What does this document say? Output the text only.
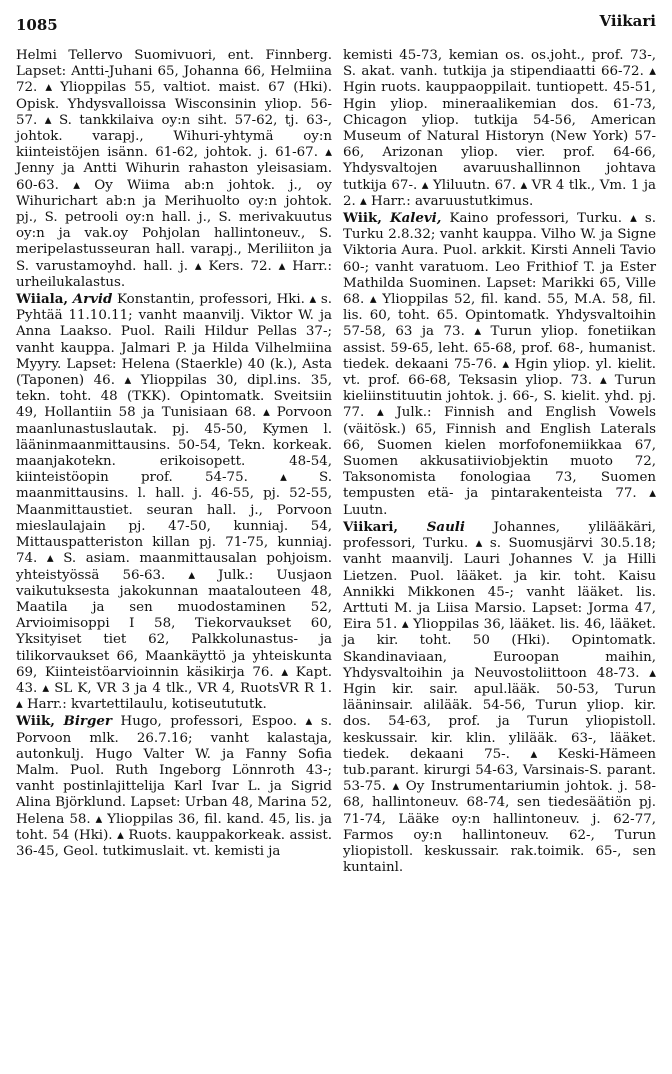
1085	Viikari

Helmi Tellervo Suomivuori, ent. Finnberg. Lapset: Antti-Juhani 65, Johanna 66, Helmiina 72. ▴ Ylioppilas 55, valtiot. maist. 67 (Hki). Opisk. Yhdysvalloissa Wisconsinin yliop. 56-57. ▴ S. tankkilaiva oy:n siht. 57-62, tj. 63-, johtok. varapj., Wihuri-yhtymä oy:n kiinteistöjen isänn. 61-62, johtok. j. 61-67. ▴ Jenny ja Antti Wihurin rahaston yleisasiam. 60-63. ▴ Oy Wiima ab:n johtok. j., oy Wihurichart ab:n ja Merihuolto oy:n johtok. pj., S. petrooli oy:n hall. j., S. merivakuutus oy:n ja vak.oy Pohjolan hallintoneuv., S. meripelastusseuran hall. varapj., Meriliiton ja S. varustamoyhd. hall. j. ▴ Kers. 72. ▴ Harr.: urheilukalastus.

Wiiala, Arvid Konstantin, professori, Hki. ▴ s. Pyhtää 11.10.11; vanht maanvilj. Viktor W. ja Anna Laakso. Puol. Raili Hildur Pellas 37-; vanht kauppa. Jalmari P. ja Hilda Vilhelmiina Myyry. Lapset: Helena (Staerkle) 40 (k.), Asta (Taponen) 46. ▴ Ylioppilas 30, dipl.ins. 35, tekn. toht. 48 (TKK). Opintomatk. Sveitsiin 49, Hollantiin 58 ja Tunisiaan 68. ▴ Porvoon maanlunastuslautak. pj. 45-50, Kymen l. lääninmaanmittausins. 50-54, Tekn. korkeak. maanjakotekn. erikoisopett. 48-54, kiinteistöopin prof. 54-75. ▴ S. maanmittausins. l. hall. j. 46-55, pj. 52-55, Maanmittaustiet. seuran hall. j., Porvoon mieslaulajain pj. 47-50, kunniaj. 54, Mittauspatteriston killan pj. 71-75, kunniaj. 74. ▴ S. asiam. maanmittausalan pohjoism. yhteistyössä 56-63. ▴ Julk.: Uusjaon vaikutuksesta jakokunnan maatalouteen 48, Maatila ja sen muodostaminen 52, Arvioimisoppi I 58, Tiekorvaukset 60, Yksityiset tiet 62, Palkkolunastus- ja tilikorvaukset 66, Maankäyttö ja yhteiskunta 69, Kiinteistöarvioinnin käsikirja 76. ▴ Kapt. 43. ▴ SL K, VR 3 ja 4 tlk., VR 4, RuotsVR R 1. ▴ Harr.: kvartettilaulu, kotiseutututk.

Wiik, Birger Hugo, professori, Espoo. ▴ s. Porvoon mlk. 26.7.16; vanht kalastaja, autonkulj. Hugo Valter W. ja Fanny Sofia Malm. Puol. Ruth Ingeborg Lönnroth 43-; vanht postinlajittelija Karl Ivar L. ja Sigrid Alina Björklund. Lapset: Urban 48, Marina 52, Helena 58. ▴ Ylioppilas 36, fil. kand. 45, lis. ja toht. 54 (Hki). ▴ Ruots. kauppakorkeak. assist. 36-45, Geol. tutkimuslait. vt. kemisti ja

kemisti 45-73, kemian os. os.joht., prof. 73-, S. akat. vanh. tutkija ja stipendiaatti 66-72. ▴ Hgin ruots. kauppaoppilait. tuntiopett. 45-51, Hgin yliop. mineraalikemian dos. 61-73, Chicagon yliop. tutkija 54-56, American Museum of Natural Historyn (New York) 57-66, Arizonan yliop. vier. prof. 64-66, Yhdysvaltojen avaruushallinnon johtava tutkija 67-. ▴ Yliluutn. 67. ▴ VR 4 tlk., Vm. 1 ja 2. ▴ Harr.: avaruustutkimus.

Wiik, Kalevi, Kaino professori, Turku. ▴ s. Turku 2.8.32; vanht kauppa. Vilho W. ja Signe Viktoria Aura. Puol. arkkit. Kirsti Anneli Tavio 60-; vanht varatuom. Leo Frithiof T. ja Ester Mathilda Suominen. Lapset: Marikki 65, Ville 68. ▴ Ylioppilas 52, fil. kand. 55, M.A. 58, fil. lis. 60, toht. 65. Opintomatk. Yhdysvaltoihin 57-58, 63 ja 73. ▴ Turun yliop. fonetiikan assist. 59-65, leht. 65-68, prof. 68-, humanist. tiedek. dekaani 75-76. ▴ Hgin yliop. yl. kielit. vt. prof. 66-68, Teksasin yliop. 73. ▴ Turun kieliinstituutin johtok. j. 66-, S. kielit. yhd. pj. 77. ▴ Julk.: Finnish and English Vowels (väitösk.) 65, Finnish and English Laterals 66, Suomen kielen morfofonemiikkaa 67, Suomen akkusatiiviobjektin muoto 72, Taksonomista fonologiaa 73, Suomen tempusten etä- ja pintarakenteista 77. ▴ Luutn.

Viikari, Sauli Johannes, ylilääkäri, professori, Turku. ▴ s. Suomusjärvi 30.5.18; vanht maanvilj. Lauri Johannes V. ja Hilli Lietzen. Puol. lääket. ja kir. toht. Kaisu Annikki Mikkonen 45-; vanht lääket. lis. Arttuti M. ja Liisa Marsio. Lapset: Jorma 47, Eira 51. ▴ Ylioppilas 36, lääket. lis. 46, lääket. ja kir. toht. 50 (Hki). Opintomatk. Skandinaviaan, Euroopan maihin, Yhdysvaltoihin ja Neuvostoliittoon 48-73. ▴ Hgin kir. sair. apul.lääk. 50-53, Turun lääninsair. alilääk. 54-56, Turun yliop. kir. dos. 54-63, prof. ja Turun yliopistoll. keskussair. kir. klin. ylilääk. 63-, lääket. tiedek. dekaani 75-. ▴ Keski-Hämeen tub.parant. kirurgi 54-63, Varsinais-S. parant. 53-75. ▴ Oy Instrumentariumin johtok. j. 58-68, hallintoneuv. 68-74, sen tiedesäätiön pj. 71-74, Lääke oy:n hallintoneuv. j. 62-77, Farmos oy:n hallintoneuv. 62-, Turun yliopistoll. keskussair. rak.toimik. 65-, sen kuntainl.
